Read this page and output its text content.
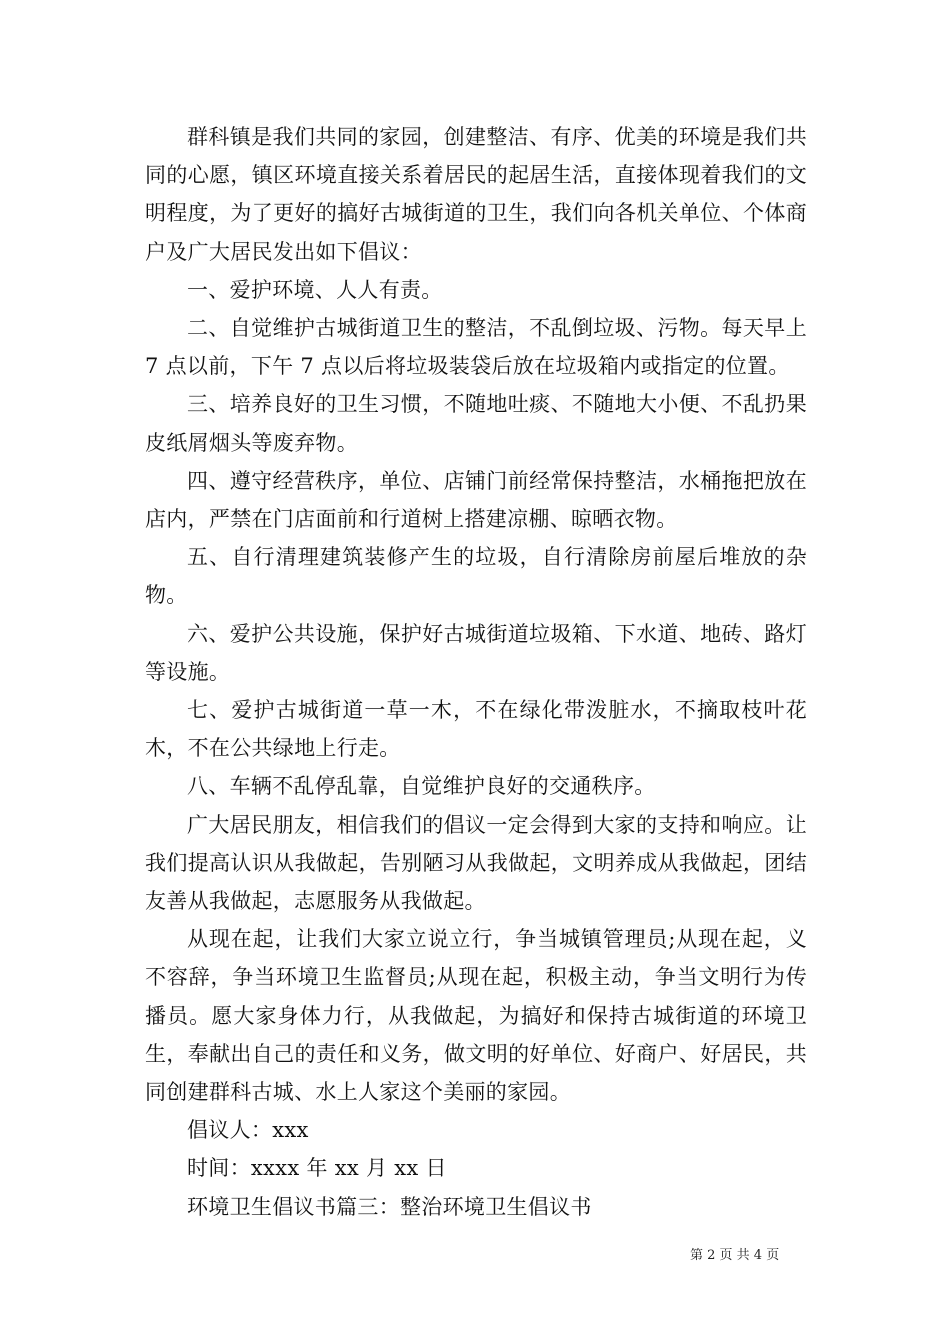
群科镇是我们共同的家园，创建整洁、有序、优美的环境是我们共同的心愿，镇区环境直接关系着居民的起居生活，直接体现着我们的文明程度，为了更好的搞好古城街道的卫生，我们向各机关单位、个体商户及广大居民发出如下倡议：

一、爱护环境、人人有责。

二、自觉维护古城街道卫生的整洁，不乱倒垃圾、污物。每天早上 7 点以前，下午 7 点以后将垃圾装袋后放在垃圾箱内或指定的位置。

三、培养良好的卫生习惯，不随地吐痰、不随地大小便、不乱扔果皮纸屑烟头等废弃物。

四、遵守经营秩序，单位、店铺门前经常保持整洁，水桶拖把放在店内，严禁在门店面前和行道树上搭建凉棚、晾晒衣物。

五、自行清理建筑装修产生的垃圾，自行清除房前屋后堆放的杂物。

六、爱护公共设施，保护好古城街道垃圾箱、下水道、地砖、路灯等设施。

七、爱护古城街道一草一木，不在绿化带泼脏水，不摘取枝叶花木，不在公共绿地上行走。

八、车辆不乱停乱靠，自觉维护良好的交通秩序。

广大居民朋友，相信我们的倡议一定会得到大家的支持和响应。让我们提高认识从我做起，告别陋习从我做起，文明养成从我做起，团结友善从我做起，志愿服务从我做起。

从现在起，让我们大家立说立行，争当城镇管理员;从现在起，义不容辞，争当环境卫生监督员;从现在起，积极主动，争当文明行为传播员。愿大家身体力行，从我做起，为搞好和保持古城街道的环境卫生，奉献出自己的责任和义务，做文明的好单位、好商户、好居民，共同创建群科古城、水上人家这个美丽的家园。

倡议人：xxx

时间：xxxx 年 xx 月 xx 日

环境卫生倡议书篇三：整治环境卫生倡议书

第 2 页 共 4 页
